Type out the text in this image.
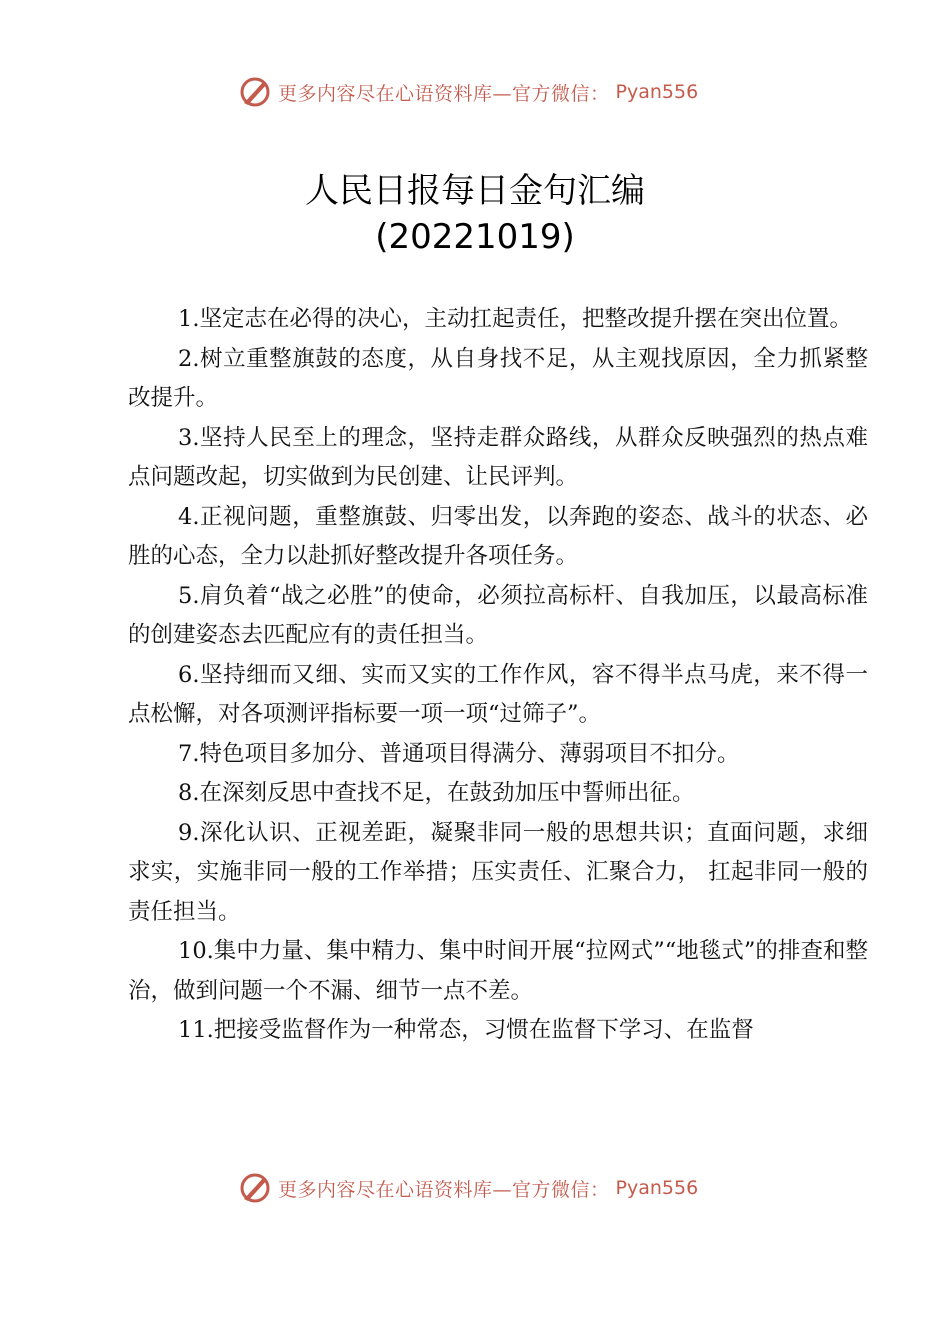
更多内容尽在心语资料库—官方微信： Pyan556
人民日报每日金句汇编
(20221019)

1.坚定志在必得的决心，主动扛起责任，把整改提升摆在突出位置。

2.树立重整旗鼓的态度，从自身找不足，从主观找原因，全力抓紧整改提升。

3.坚持人民至上的理念，坚持走群众路线，从群众反映强烈的热点难点问题改起，切实做到为民创建、让民评判。

4.正视问题，重整旗鼓、归零出发，以奔跑的姿态、战斗的状态、必胜的心态，全力以赴抓好整改提升各项任务。

5.肩负着“战之必胜”的使命，必须拉高标杆、自我加压，以最高标准的创建姿态去匹配应有的责任担当。

6.坚持细而又细、实而又实的工作作风，容不得半点马虎，来不得一点松懈，对各项测评指标要一项一项“过筛子”。

7.特色项目多加分、普通项目得满分、薄弱项目不扣分。

8.在深刻反思中查找不足，在鼓劲加压中誓师出征。

9.深化认识、正视差距，凝聚非同一般的思想共识；直面问题，求细求实，实施非同一般的工作举措；压实责任、汇聚合力， 扛起非同一般的责任担当。

10.集中力量、集中精力、集中时间开展“拉网式”“地毯式”的排查和整治，做到问题一个不漏、细节一点不差。

11.把接受监督作为一种常态，习惯在监督下学习、在监督

更多内容尽在心语资料库—官方微信： Pyan556
